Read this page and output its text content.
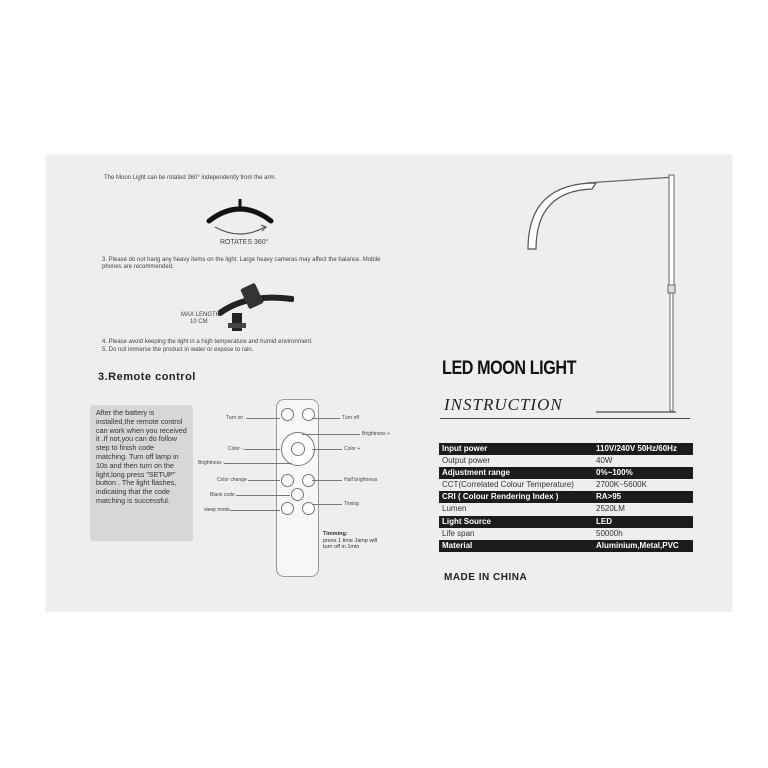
The Moon Light can be rotated 360° independently from the arm.
ROTATES 360°
3. Please do not hang any heavy items on the light. Large heavy cameras may affect the balance. Mobile phones are recommended.
MAX LENGTH:
10 CM
4. Please avoid keeping the light in a high temperature and humid environment.
5. Do not immerse the product in water or expose to rain.
3.Remote control
After the battery is installed,the remote control can work when you received it .If not,you can do follow step to finish code matching. Turn off lamp in 10s and then turn on the light,long press "SETUP" button . The light flashes, indicating that the code matching is successful.
Turn on	Turn off
Brightness +
Color -	Color +
Brightness -
Color change	Half brightness
Blank code
Timing
sleep mode
Timming:
press 1 time Jamp will turn off in 1min
LED MOON LIGHT
INSTRUCTION
Input power	110V/240V 50Hz/60Hz
Output power	40W
Adjustment range	0%~100%
CCT(Correlated Colour Temperature)	2700K~5600K
CRI ( Colour Rendering Index )	RA>95
Lumen	2520LM
Light Source	LED
Life span	50000h
Material	Aluminium,Metal,PVC
MADE IN CHINA
